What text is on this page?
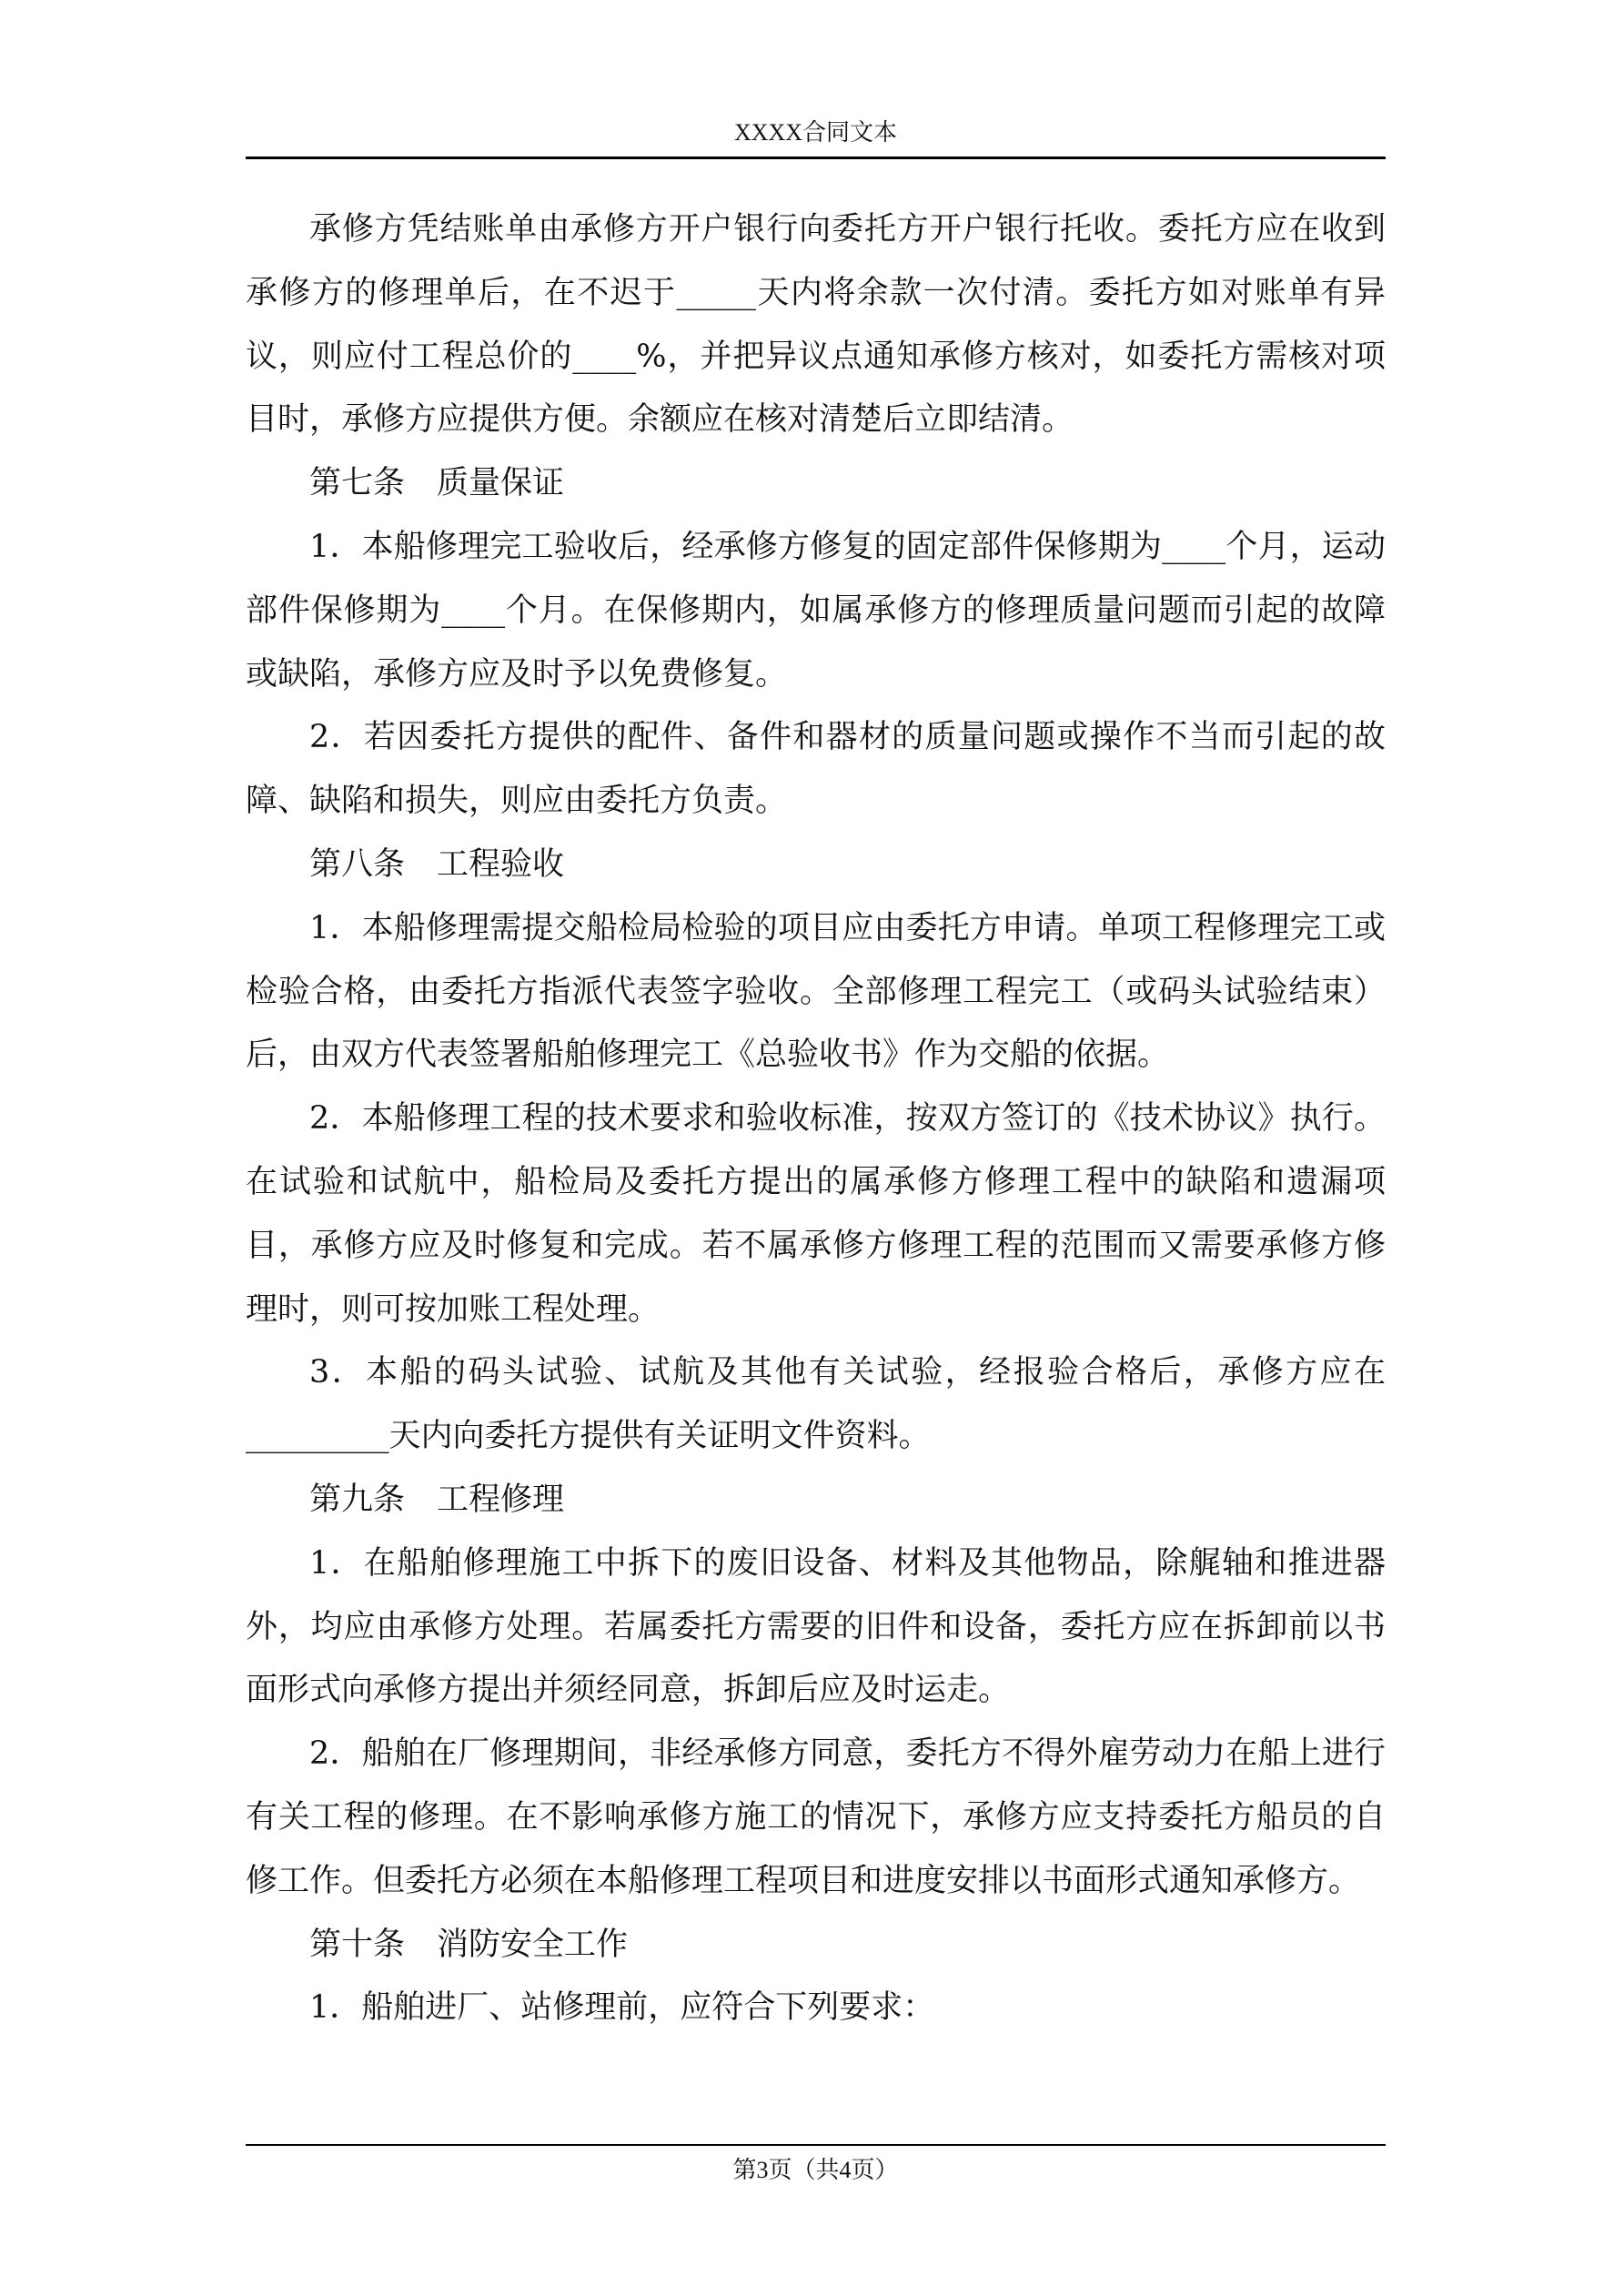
XXXX合同文本

承修方凭结账单由承修方开户银行向委托方开户银行托收。委托方应在收到承修方的修理单后，在不迟于_____天内将余款一次付清。委托方如对账单有异议，则应付工程总价的____%，并把异议点通知承修方核对，如委托方需核对项目时，承修方应提供方便。余额应在核对清楚后立即结清。

第七条　质量保证

1．本船修理完工验收后，经承修方修复的固定部件保修期为____个月，运动部件保修期为____个月。在保修期内，如属承修方的修理质量问题而引起的故障或缺陷，承修方应及时予以免费修复。

2．若因委托方提供的配件、备件和器材的质量问题或操作不当而引起的故障、缺陷和损失，则应由委托方负责。

第八条　工程验收

1．本船修理需提交船检局检验的项目应由委托方申请。单项工程修理完工或检验合格，由委托方指派代表签字验收。全部修理工程完工（或码头试验结束）后，由双方代表签署船舶修理完工《总验收书》作为交船的依据。

2．本船修理工程的技术要求和验收标准，按双方签订的《技术协议》执行。在试验和试航中，船检局及委托方提出的属承修方修理工程中的缺陷和遗漏项目，承修方应及时修复和完成。若不属承修方修理工程的范围而又需要承修方修理时，则可按加账工程处理。

3．本船的码头试验、试航及其他有关试验，经报验合格后，承修方应在_________天内向委托方提供有关证明文件资料。

第九条　工程修理

1．在船舶修理施工中拆下的废旧设备、材料及其他物品，除艉轴和推进器外，均应由承修方处理。若属委托方需要的旧件和设备，委托方应在拆卸前以书面形式向承修方提出并须经同意，拆卸后应及时运走。

2．船舶在厂修理期间，非经承修方同意，委托方不得外雇劳动力在船上进行有关工程的修理。在不影响承修方施工的情况下，承修方应支持委托方船员的自修工作。但委托方必须在本船修理工程项目和进度安排以书面形式通知承修方。

第十条　消防安全工作

1．船舶进厂、站修理前，应符合下列要求：

第3页（共4页）
